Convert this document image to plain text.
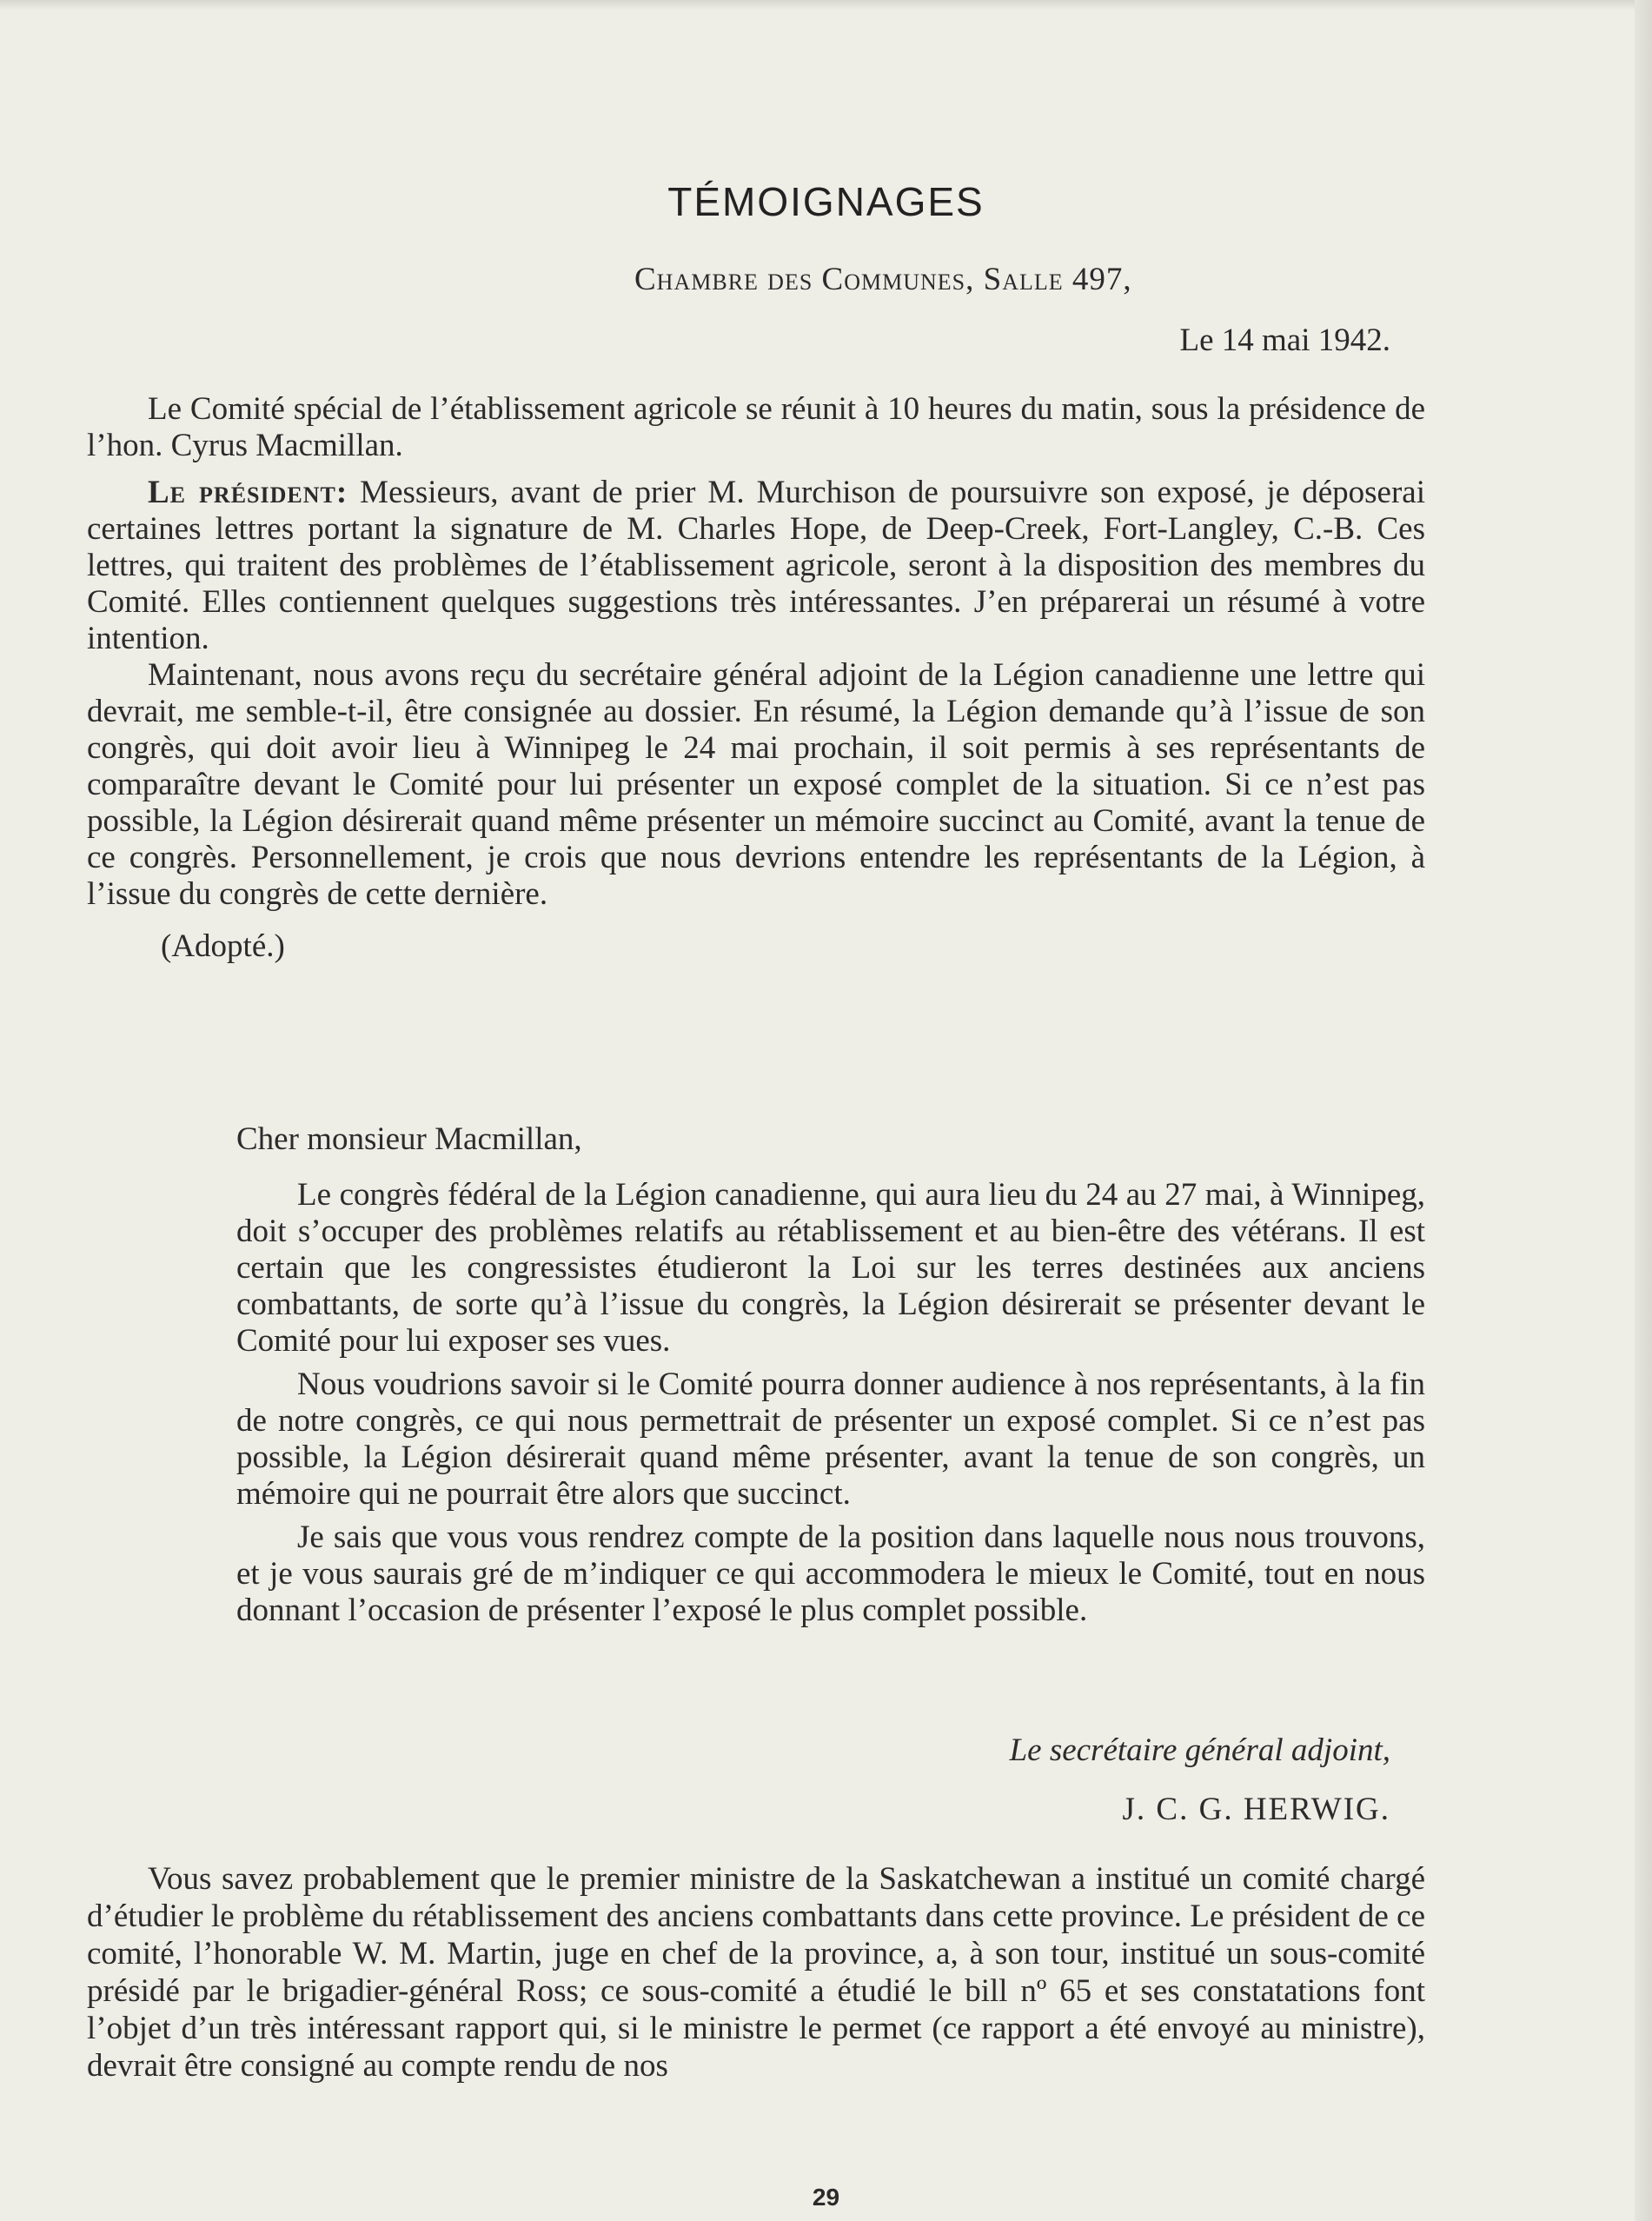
TÉMOIGNAGES
Chambre des Communes, Salle 497,
Le 14 mai 1942.

Le Comité spécial de l’établissement agricole se réunit à 10 heures du matin, sous la présidence de l’hon. Cyrus Macmillan.

Le président: Messieurs, avant de prier M. Murchison de poursuivre son exposé, je déposerai certaines lettres portant la signature de M. Charles Hope, de Deep-Creek, Fort-Langley, C.-B. Ces lettres, qui traitent des problèmes de l’établissement agricole, seront à la disposition des membres du Comité. Elles contiennent quelques suggestions très intéressantes. J’en préparerai un résumé à votre intention.

Maintenant, nous avons reçu du secrétaire général adjoint de la Légion canadienne une lettre qui devrait, me semble-t-il, être consignée au dossier. En résumé, la Légion demande qu’à l’issue de son congrès, qui doit avoir lieu à Winnipeg le 24 mai prochain, il soit permis à ses représentants de comparaître devant le Comité pour lui présenter un exposé complet de la situation. Si ce n’est pas possible, la Légion désirerait quand même présenter un mémoire succinct au Comité, avant la tenue de ce congrès. Personnellement, je crois que nous devrions entendre les représentants de la Légion, à l’issue du congrès de cette dernière.

(Adopté.)

Cher monsieur Macmillan,

Le congrès fédéral de la Légion canadienne, qui aura lieu du 24 au 27 mai, à Winnipeg, doit s’occuper des problèmes relatifs au rétablissement et au bien-être des vétérans. Il est certain que les congressistes étudieront la Loi sur les terres destinées aux anciens combattants, de sorte qu’à l’issue du congrès, la Légion désirerait se présenter devant le Comité pour lui exposer ses vues.

Nous voudrions savoir si le Comité pourra donner audience à nos représentants, à la fin de notre congrès, ce qui nous permettrait de présenter un exposé complet. Si ce n’est pas possible, la Légion désirerait quand même présenter, avant la tenue de son congrès, un mémoire qui ne pourrait être alors que succinct.

Je sais que vous vous rendrez compte de la position dans laquelle nous nous trouvons, et je vous saurais gré de m’indiquer ce qui accommodera le mieux le Comité, tout en nous donnant l’occasion de présenter l’exposé le plus complet possible.

Le secrétaire général adjoint,
J. C. G. HERWIG.

Vous savez probablement que le premier ministre de la Saskatchewan a institué un comité chargé d’étudier le problème du rétablissement des anciens combattants dans cette province. Le président de ce comité, l’honorable W. M. Martin, juge en chef de la province, a, à son tour, institué un sous-comité présidé par le brigadier-général Ross; ce sous-comité a étudié le bill nº 65 et ses constatations font l’objet d’un très intéressant rapport qui, si le ministre le permet (ce rapport a été envoyé au ministre), devrait être consigné au compte rendu de nos

29
